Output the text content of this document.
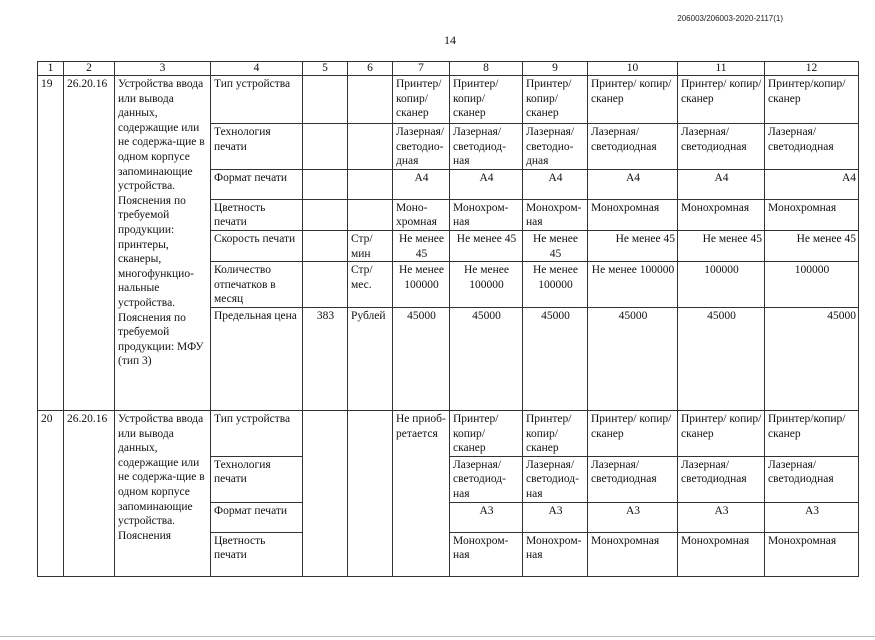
206003/206003-2020-2117(1)
14
1	2	3	4	5	6	7	8	9	10	11	12
19	26.20.16	Устройства ввода или вывода данных, содержащие или не содержа-щие в одном корпусе запоминающие устройства. Пояснения по требуемой продукции: принтеры, сканеры, многофункцио-нальные устройства. Пояснения по требуемой продукции: МФУ (тип 3)	Тип устройства			Принтер/ копир/ сканер	Принтер/ копир/ сканер	Принтер/ копир/ сканер	Принтер/ копир/сканер	Принтер/ копир/сканер	Принтер/копир/ сканер
			Технология печати			Лазерная/ светодио-дная	Лазерная/ светодиод-ная	Лазерная/ светодио-дная	Лазерная/ светодиодная	Лазерная/ светодиодная	Лазерная/ светодиодная
			Формат печати			A4	A4	A4	A4	A4	A4
			Цветность печати			Моно-хромная	Монохром-ная	Монохром-ная	Монохромная	Монохромная	Монохромная
			Скорость печати		Стр/ мин	Не менее 45	Не менее 45	Не менее 45	Не менее 45	Не менее 45	Не менее 45
			Количество отпечатков в месяц		Стр/ мес.	Не менее 100000	Не менее 100000	Не менее 100000	Не менее 100000	100000	100000
			Предельная цена	383	Рублей	45000	45000	45000	45000	45000	45000
20	26.20.16	Устройства ввода или вывода данных, содержащие или не содержа-щие в одном корпусе запоминающие устройства. Пояснения	Тип устройства			Не приоб-ретается	Принтер/ копир/ сканер	Принтер/ копир/ сканер	Принтер/ копир/сканер	Принтер/ копир/сканер	Принтер/копир/ сканер
			Технология печати				Лазерная/ светодиод-ная	Лазерная/ светодиод-ная	Лазерная/ светодиодная	Лазерная/ светодиодная	Лазерная/ светодиодная
			Формат печати				A3	A3	A3	A3	A3
			Цветность печати				Монохром-ная	Монохром-ная	Монохромная	Монохромная	Монохромная
